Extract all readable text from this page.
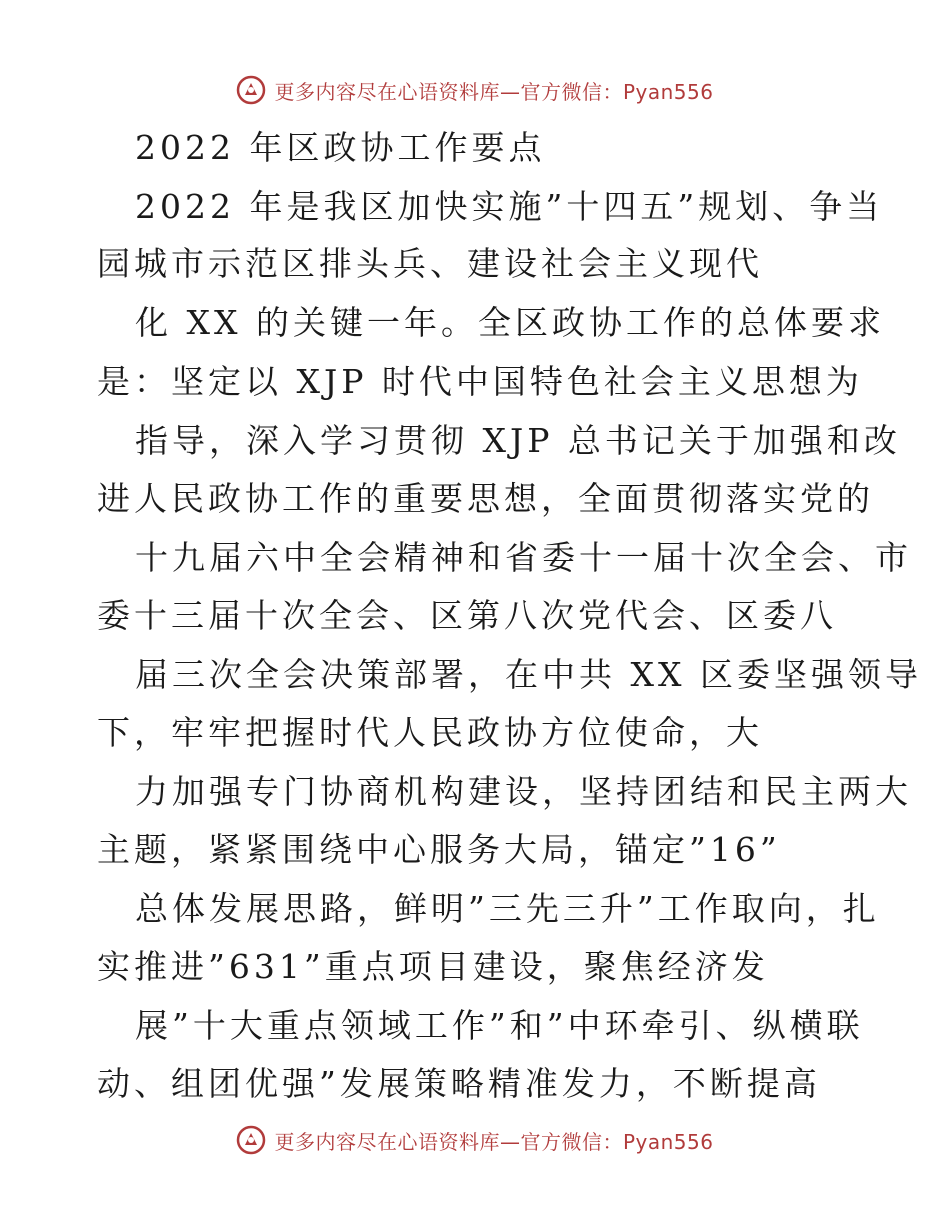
更多内容尽在心语资料库—官方微信：Pyan556
2022 年区政协工作要点
2022 年是我区加快实施”十四五”规划、争当
园城市示范区排头兵、建设社会主义现代
化 XX 的关键一年。全区政协工作的总体要求
是：坚定以 XJP 时代中国特色社会主义思想为
指导，深入学习贯彻 XJP 总书记关于加强和改
进人民政协工作的重要思想，全面贯彻落实党的
十九届六中全会精神和省委十一届十次全会、市
委十三届十次全会、区第八次党代会、区委八
届三次全会决策部署，在中共 XX 区委坚强领导
下，牢牢把握时代人民政协方位使命，大
力加强专门协商机构建设，坚持团结和民主两大
主题，紧紧围绕中心服务大局，锚定”16”
总体发展思路，鲜明”三先三升”工作取向，扎
实推进”631”重点项目建设，聚焦经济发
展”十大重点领域工作”和”中环牵引、纵横联
动、组团优强”发展策略精准发力，不断提高
更多内容尽在心语资料库—官方微信：Pyan556
